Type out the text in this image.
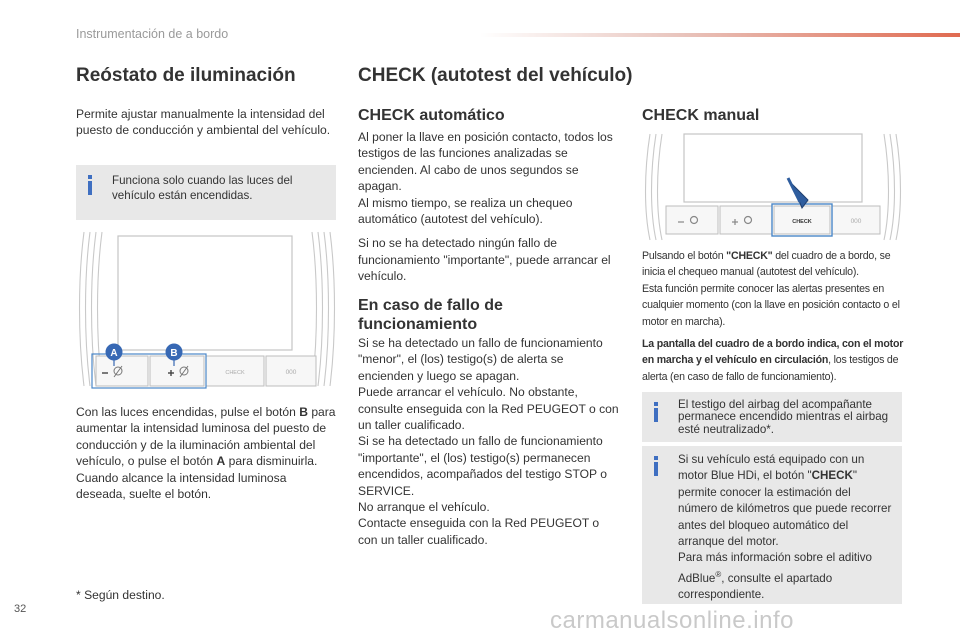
Instrumentación de a bordo
Reóstato de iluminación

Permite ajustar manualmente la intensidad del puesto de conducción y ambiental del vehículo.

Funciona solo cuando las luces del vehículo están encendidas.
A	B
CHECK	000

Con las luces encendidas, pulse el botón B para aumentar la intensidad luminosa del puesto de conducción y de la iluminación ambiental del vehículo, o pulse el botón A para disminuirla.

Cuando alcance la intensidad luminosa deseada, suelte el botón.

* Según destino.
CHECK (autotest del vehículo)
CHECK automático

Al poner la llave en posición contacto, todos los testigos de las funciones analizadas se encienden. Al cabo de unos segundos se apagan.

Al mismo tiempo, se realiza un chequeo automático (autotest del vehículo).

Si no se ha detectado ningún fallo de funcionamiento "importante", puede arrancar el vehículo.

En caso de fallo de funcionamiento

Si se ha detectado un fallo de funcionamiento "menor", el (los) testigo(s) de alerta se encienden y luego se apagan.

Puede arrancar el vehículo. No obstante, consulte enseguida con la Red PEUGEOT o con un taller cualificado.

Si se ha detectado un fallo de funcionamiento "importante", el (los) testigo(s) permanecen encendidos, acompañados del testigo STOP o SERVICE.

No arranque el vehículo.

Contacte enseguida con la Red PEUGEOT o con un taller cualificado.

CHECK manual
CHECK	000
Pulsando el botón "CHECK" del cuadro de a bordo, se inicia el chequeo manual (autotest del vehículo).
Esta función permite conocer las alertas presentes en cualquier momento (con la llave en posición contacto o el motor en marcha).
La pantalla del cuadro de a bordo indica, con el motor en marcha y el vehículo en circulación, los testigos de alerta (en caso de fallo de funcionamiento).
El testigo del airbag del acompañante permanece encendido mientras el airbag esté neutralizado*.
Si su vehículo está equipado con un motor Blue HDi, el botón "CHECK" permite conocer la estimación del número de kilómetros que puede recorrer antes del bloqueo automático del arranque del motor.
Para más información sobre el aditivo AdBlue®, consulte el apartado correspondiente.
32	carmanualsonline.info
